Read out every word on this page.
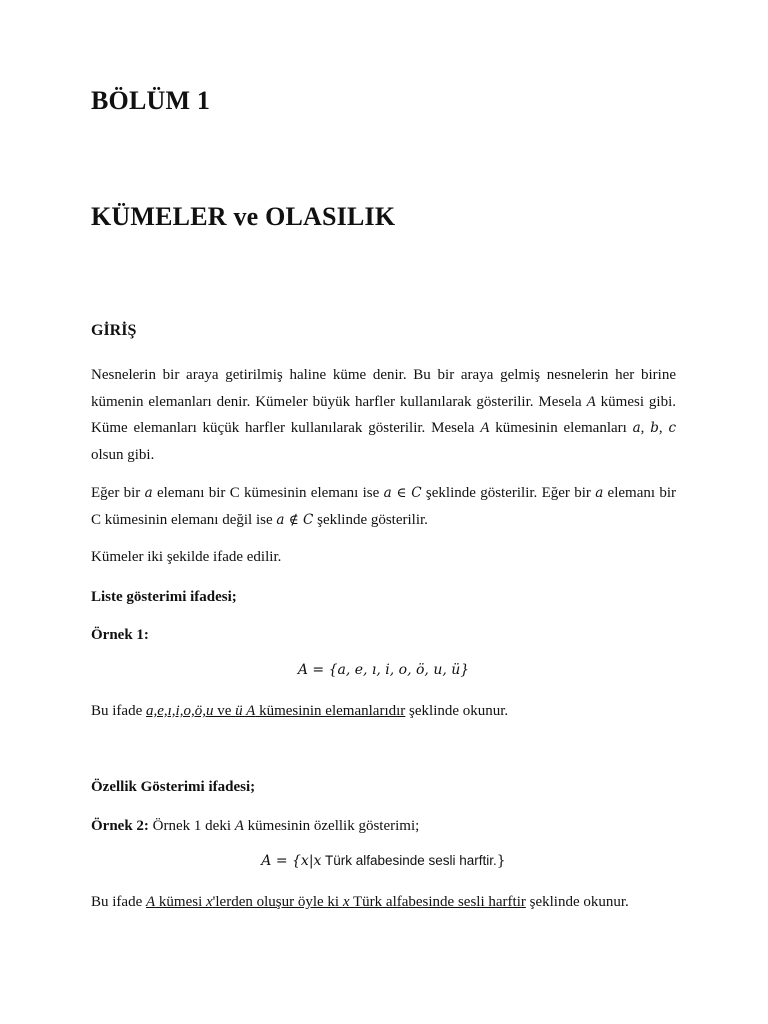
BÖLÜM 1
KÜMELER ve OLASILIK
GİRİŞ

Nesnelerin bir araya getirilmiş haline küme denir. Bu bir araya gelmiş nesnelerin her birine kümenin elemanları denir. Kümeler büyük harfler kullanılarak gösterilir. Mesela A kümesi gibi. Küme elemanları küçük harfler kullanılarak gösterilir. Mesela A kümesinin elemanları a, b, c olsun gibi.

Eğer bir a elemanı bir C kümesinin elemanı ise a ∈ C şeklinde gösterilir. Eğer bir a elemanı bir C kümesinin elemanı değil ise a ∉ C şeklinde gösterilir.

Kümeler iki şekilde ifade edilir.

Liste gösterimi ifadesi;

Örnek 1:

A = {a, e, ı, i, o, ö, u, ü}

Bu ifade a,e,ı,i,o,ö,u ve ü A kümesinin elemanlarıdır şeklinde okunur.

Özellik Gösterimi ifadesi;

Örnek 2: Örnek 1 deki A kümesinin özellik gösterimi;

A = {x|x Türk alfabesinde sesli harftir.}

Bu ifade A kümesi x'lerden oluşur öyle ki x Türk alfabesinde sesli harftir şeklinde okunur.
